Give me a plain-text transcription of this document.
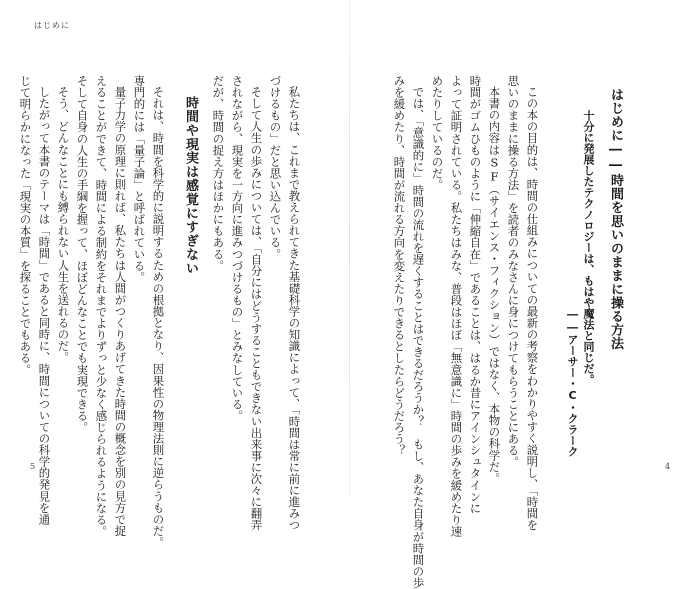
はじめに
5	4
はじめに――時間を思いのままに操る方法
十分に発展したテクノロジーは、もはや魔法と同じだ。
――アーサー・C・クラーク
この本の目的は、時間の仕組みについての最新の考察をわかりやすく説明し、「時間を
思いのままに操る方法」を読者のみなさんに身につけてもらうことにある。
本書の内容はSF（サイエンス・フィクション）ではなく、本物の科学だ。
時間がゴムひものように「伸縮自在」であることは、はるか昔にアインシュタインに
よって証明されている。私たちはみな、普段はほぼ「無意識に」時間の歩みを緩めたり速
めたりしているのだ。
では、「意識的に」時間の流れを遅くすることはできるだろうか？　もし、あなた自身が時間の歩
みを緩めたり、時間が流れる方向を変えたりできるとしたらどうだろう？
私たちは、これまで教えられてきた基礎科学の知識によって、「時間は常に前に進みつ
づけるもの」だと思い込んでいる。
そして人生の歩みについては、「自分にはどうすることもできない出来事に次々に翻弄
されながら、現実を一方向に進みつづけるもの」とみなしている。
だが、時間の捉え方はほかにもある。
時間や現実は感覚にすぎない
それは、時間を科学的に説明するための根拠となり、因果性の物理法則に逆らうものだ。
専門的には「量子論」と呼ばれている。
量子力学の原理に則れば、私たちは人間がつくりあげてきた時間の概念を別の見方で捉
えることができて、時間による制約をそれまでよりずっと少なく感じられるようになる。
そして自身の人生の手綱を握って、ほぼどんなことでも実現できる。
そう、どんなことにも縛られない人生を送れるのだ。
したがって本書のテーマは「時間」であると同時に、時間についての科学的発見を通
じて明らかになった「現実の本質」を探ることでもある。
